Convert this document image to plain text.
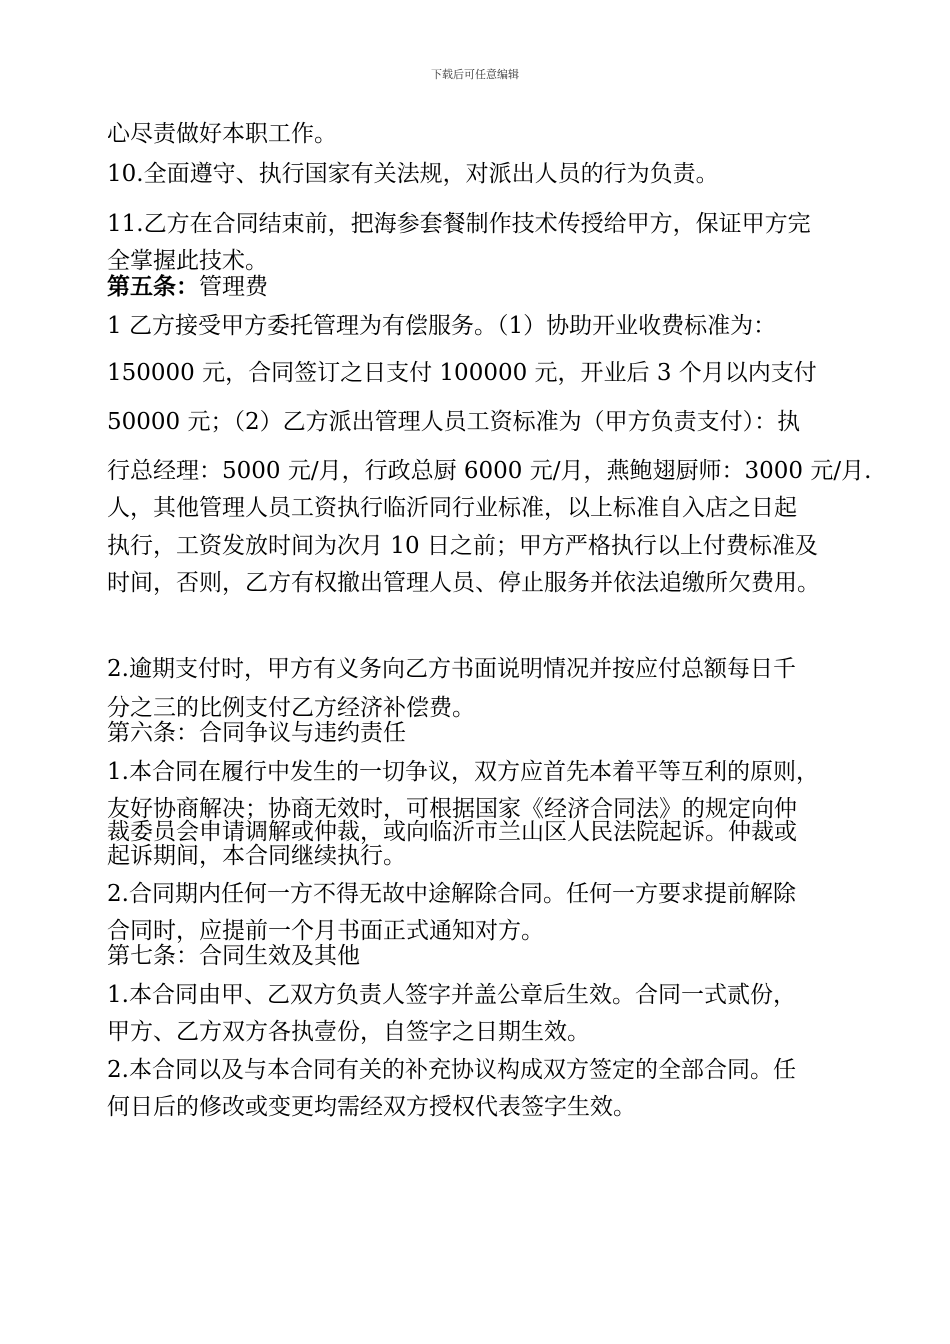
下载后可任意编辑
心尽责做好本职工作。
10.全面遵守、执行国家有关法规，对派出人员的行为负责。
11.乙方在合同结束前，把海参套餐制作技术传授给甲方，保证甲方完
全掌握此技术。
第五条：管理费
1 乙方接受甲方委托管理为有偿服务。（1）协助开业收费标准为：
150000 元，合同签订之日支付 100000 元，开业后 3 个月以内支付
50000 元；（2）乙方派出管理人员工资标准为（甲方负责支付）：执
行总经理：5000 元/月，行政总厨 6000 元/月，燕鲍翅厨师：3000 元/月.
人，其他管理人员工资执行临沂同行业标准，以上标准自入店之日起
执行，工资发放时间为次月 10 日之前；甲方严格执行以上付费标准及
时间，否则，乙方有权撤出管理人员、停止服务并依法追缴所欠费用。
2.逾期支付时，甲方有义务向乙方书面说明情况并按应付总额每日千
分之三的比例支付乙方经济补偿费。
第六条：合同争议与违约责任
1.本合同在履行中发生的一切争议，双方应首先本着平等互利的原则，
友好协商解决；协商无效时，可根据国家《经济合同法》的规定向仲
裁委员会申请调解或仲裁，或向临沂市兰山区人民法院起诉。仲裁或
起诉期间，本合同继续执行。
2.合同期内任何一方不得无故中途解除合同。任何一方要求提前解除
合同时，应提前一个月书面正式通知对方。
第七条：合同生效及其他
1.本合同由甲、乙双方负责人签字并盖公章后生效。合同一式贰份，
甲方、乙方双方各执壹份，自签字之日期生效。
2.本合同以及与本合同有关的补充协议构成双方签定的全部合同。任
何日后的修改或变更均需经双方授权代表签字生效。
